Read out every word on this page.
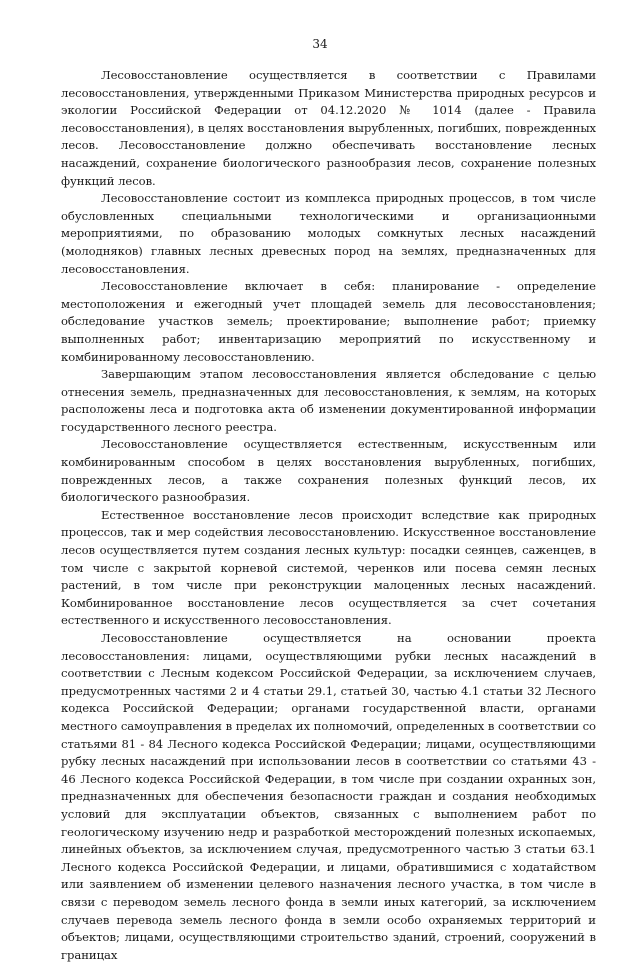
34

Лесовосстановление осуществляется в соответствии с Правилами лесовосстановления, утвержденными Приказом Министерства природных ресурсов и экологии Российской Федерации от 04.12.2020 № 1014 (далее - Правила лесовосстановления), в целях восстановления вырубленных, погибших, поврежденных лесов. Лесовосстановление должно обеспечивать восстановление лесных насаждений, сохранение биологического разнообразия лесов, сохранение полезных функций лесов.

Лесовосстановление состоит из комплекса природных процессов, в том числе обусловленных специальными технологическими и организационными мероприятиями, по образованию молодых сомкнутых лесных насаждений (молодняков) главных лесных древесных пород на землях, предназначенных для лесовосстановления.

Лесовосстановление включает в себя: планирование - определение местоположения и ежегодный учет площадей земель для лесовосстановления; обследование участков земель; проектирование; выполнение работ; приемку выполненных работ; инвентаризацию мероприятий по искусственному и комбинированному лесовосстановлению.

Завершающим этапом лесовосстановления является обследование с целью отнесения земель, предназначенных для лесовосстановления, к землям, на которых расположены леса и подготовка акта об изменении документированной информации государственного лесного реестра.

Лесовосстановление осуществляется естественным, искусственным или комбинированным способом в целях восстановления вырубленных, погибших, поврежденных лесов, а также сохранения полезных функций лесов, их биологического разнообразия.

Естественное восстановление лесов происходит вследствие как природных процессов, так и мер содействия лесовосстановлению. Искусственное восстановление лесов осуществляется путем создания лесных культур: посадки сеянцев, саженцев, в том числе с закрытой корневой системой, черенков или посева семян лесных растений, в том числе при реконструкции малоценных лесных насаждений. Комбинированное восстановление лесов осуществляется за счет сочетания естественного и искусственного лесовосстановления.

Лесовосстановление осуществляется на основании проекта лесовосстановления: лицами, осуществляющими рубки лесных насаждений в соответствии с Лесным кодексом Российской Федерации, за исключением случаев, предусмотренных частями 2 и 4 статьи 29.1, статьей 30, частью 4.1 статьи 32 Лесного кодекса Российской Федерации; органами государственной власти, органами местного самоуправления в пределах их полномочий, определенных в соответствии со статьями 81 - 84 Лесного кодекса Российской Федерации; лицами, осуществляющими рубку лесных насаждений при использовании лесов в соответствии со статьями 43 - 46 Лесного кодекса Российской Федерации, в том числе при создании охранных зон, предназначенных для обеспечения безопасности граждан и создания необходимых условий для эксплуатации объектов, связанных с выполнением работ по геологическому изучению недр и разработкой месторождений полезных ископаемых, линейных объектов, за исключением случая, предусмотренного частью 3 статьи 63.1 Лесного кодекса Российской Федерации, и лицами, обратившимися с ходатайством или заявлением об изменении целевого назначения лесного участка, в том числе в связи с переводом земель лесного фонда в земли иных категорий, за исключением случаев перевода земель лесного фонда в земли особо охраняемых территорий и объектов; лицами, осуществляющими строительство зданий, строений, сооружений в границах
